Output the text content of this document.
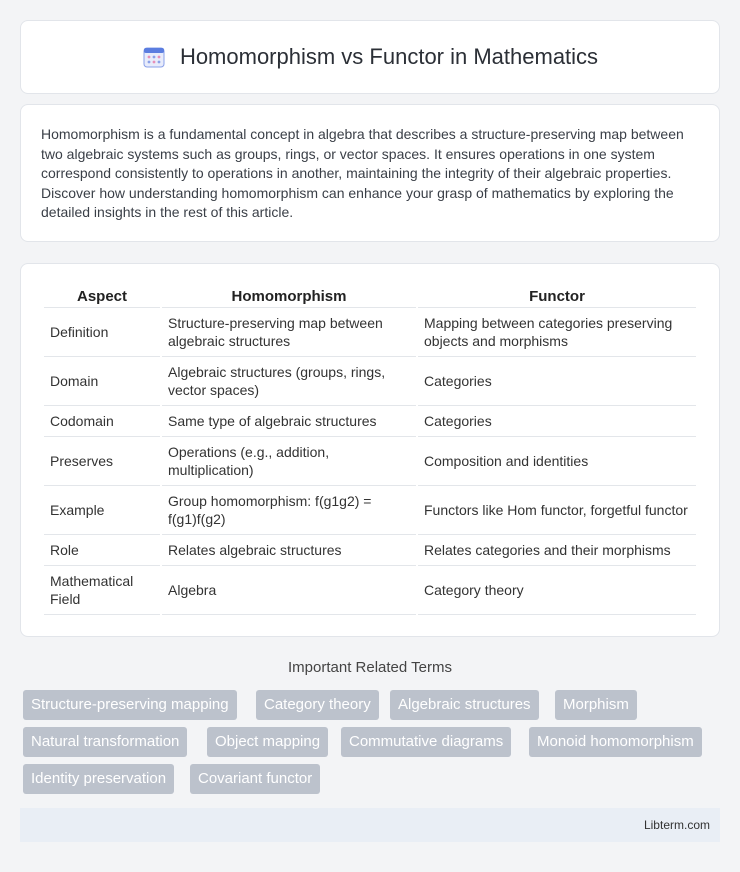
Homomorphism vs Functor in Mathematics

Homomorphism is a fundamental concept in algebra that describes a structure-preserving map between two algebraic systems such as groups, rings, or vector spaces. It ensures operations in one system correspond consistently to operations in another, maintaining the integrity of their algebraic properties. Discover how understanding homomorphism can enhance your grasp of mathematics by exploring the detailed insights in the rest of this article.

Aspect	Homomorphism	Functor
Definition	Structure-preserving map between algebraic structures	Mapping between categories preserving objects and morphisms
Domain	Algebraic structures (groups, rings, vector spaces)	Categories
Codomain	Same type of algebraic structures	Categories
Preserves	Operations (e.g., addition, multiplication)	Composition and identities
Example	Group homomorphism: f(g1g2) = f(g1)f(g2)	Functors like Hom functor, forgetful functor
Role	Relates algebraic structures	Relates categories and their morphisms
Mathematical Field	Algebra	Category theory
Important Related Terms
Structure-preserving mapping	Category theory	Algebraic structures	Morphism
Natural transformation	Object mapping	Commutative diagrams	Monoid homomorphism
Identity preservation	Covariant functor
Libterm.com
